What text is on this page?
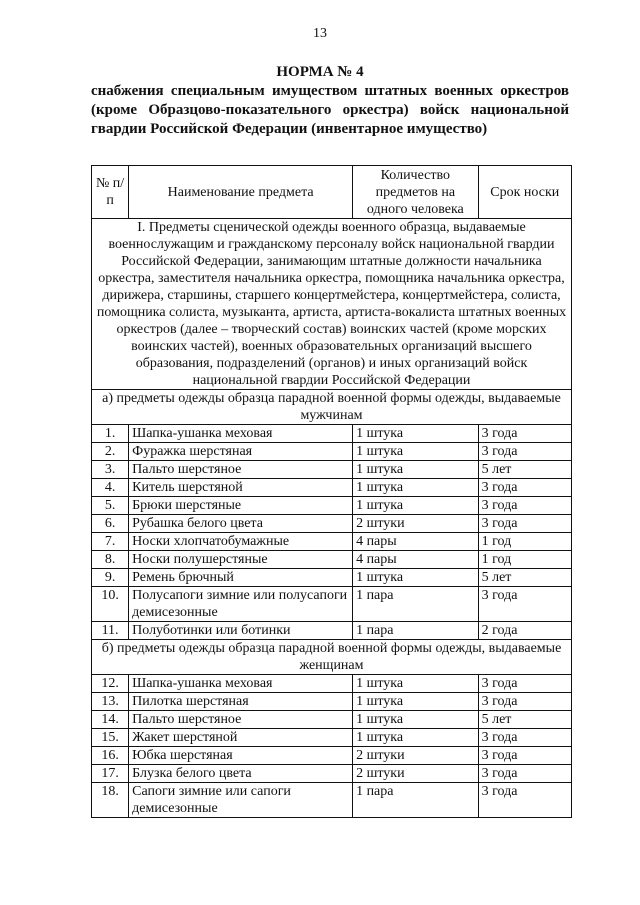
13
НОРМА № 4
снабжения специальным имуществом штатных военных оркестров (кроме Образцово-показательного оркестра) войск национальной гвардии Российской Федерации (инвентарное имущество)
№ п/п	Наименование предмета	Количество предметов на одного человека	Срок носки
I. Предметы сценической одежды военного образца, выдаваемые военнослужащим и гражданскому персоналу войск национальной гвардии Российской Федерации, занимающим штатные должности начальника оркестра, заместителя начальника оркестра, помощника начальника оркестра, дирижера, старшины, старшего концертмейстера, концертмейстера, солиста, помощника солиста, музыканта, артиста, артиста-вокалиста штатных военных оркестров (далее – творческий состав) воинских частей (кроме морских воинских частей), военных образовательных организаций высшего образования, подразделений (органов) и иных организаций войск национальной гвардии Российской Федерации			
а) предметы одежды образца парадной военной формы одежды, выдаваемые мужчинам			
1.	Шапка-ушанка меховая	1 штука	3 года
2.	Фуражка шерстяная	1 штука	3 года
3.	Пальто шерстяное	1 штука	5 лет
4.	Китель шерстяной	1 штука	3 года
5.	Брюки шерстяные	1 штука	3 года
6.	Рубашка белого цвета	2 штуки	3 года
7.	Носки хлопчатобумажные	4 пары	1 год
8.	Носки полушерстяные	4 пары	1 год
9.	Ремень брючный	1 штука	5 лет
10.	Полусапоги зимние или полусапоги демисезонные	1 пара	3 года
11.	Полуботинки или ботинки	1 пара	2 года
б) предметы одежды образца парадной военной формы одежды, выдаваемые женщинам			
12.	Шапка-ушанка меховая	1 штука	3 года
13.	Пилотка шерстяная	1 штука	3 года
14.	Пальто шерстяное	1 штука	5 лет
15.	Жакет шерстяной	1 штука	3 года
16.	Юбка шерстяная	2 штуки	3 года
17.	Блузка белого цвета	2 штуки	3 года
18.	Сапоги зимние или сапоги демисезонные	1 пара	3 года
